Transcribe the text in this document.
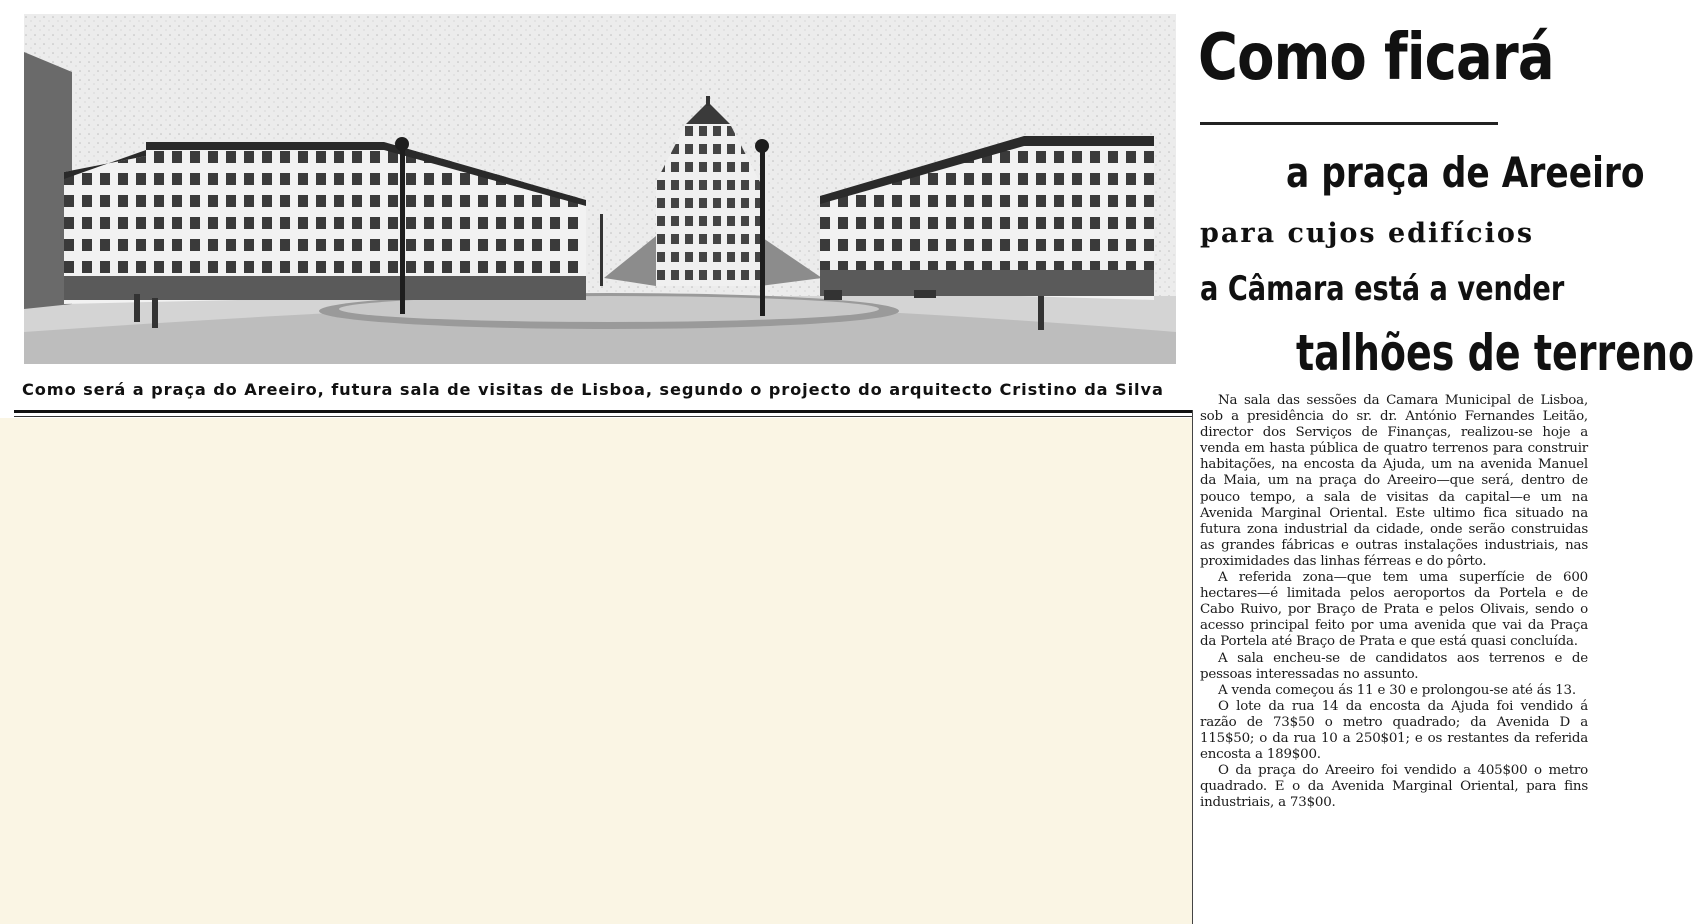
Como será a praça do Areeiro, futura sala de visitas de Lisboa, segundo o projecto do arquitecto Cristino da Silva
Como ficará
a praça de Areeiro
para cujos edifícios
a Câmara está a vender
talhões de terreno

Na sala das sessões da Camara Municipal de Lisboa, sob a presidência do sr. dr. António Fernandes Leitão, director dos Serviços de Finanças, realizou-se hoje a venda em hasta pública de quatro terrenos para construir habitações, na encosta da Ajuda, um na avenida Manuel da Maia, um na praça do Areeiro—que será, dentro de pouco tempo, a sala de visitas da capital—e um na Avenida Marginal Oriental. Este ultimo fica situado na futura zona industrial da cidade, onde serão construidas as grandes fábricas e outras instalações industriais, nas proximidades das linhas férreas e do pôrto.

A referida zona—que tem uma superfície de 600 hectares—é limitada pelos aeroportos da Portela e de Cabo Ruivo, por Braço de Prata e pelos Olivais, sendo o acesso principal feito por uma avenida que vai da Praça da Portela até Braço de Prata e que está quasi concluída.

A sala encheu-se de candidatos aos terrenos e de pessoas interessadas no assunto.

A venda começou ás 11 e 30 e prolongou-se até ás 13.

O lote da rua 14 da encosta da Ajuda foi vendido á razão de 73$50 o metro quadrado; da Avenida D a 115$50; o da rua 10 a 250$01; e os restantes da referida encosta a 189$00.

O da praça do Areeiro foi vendido a 405$00 o metro quadrado. E o da Avenida Marginal Oriental, para fins industriais, a 73$00.
